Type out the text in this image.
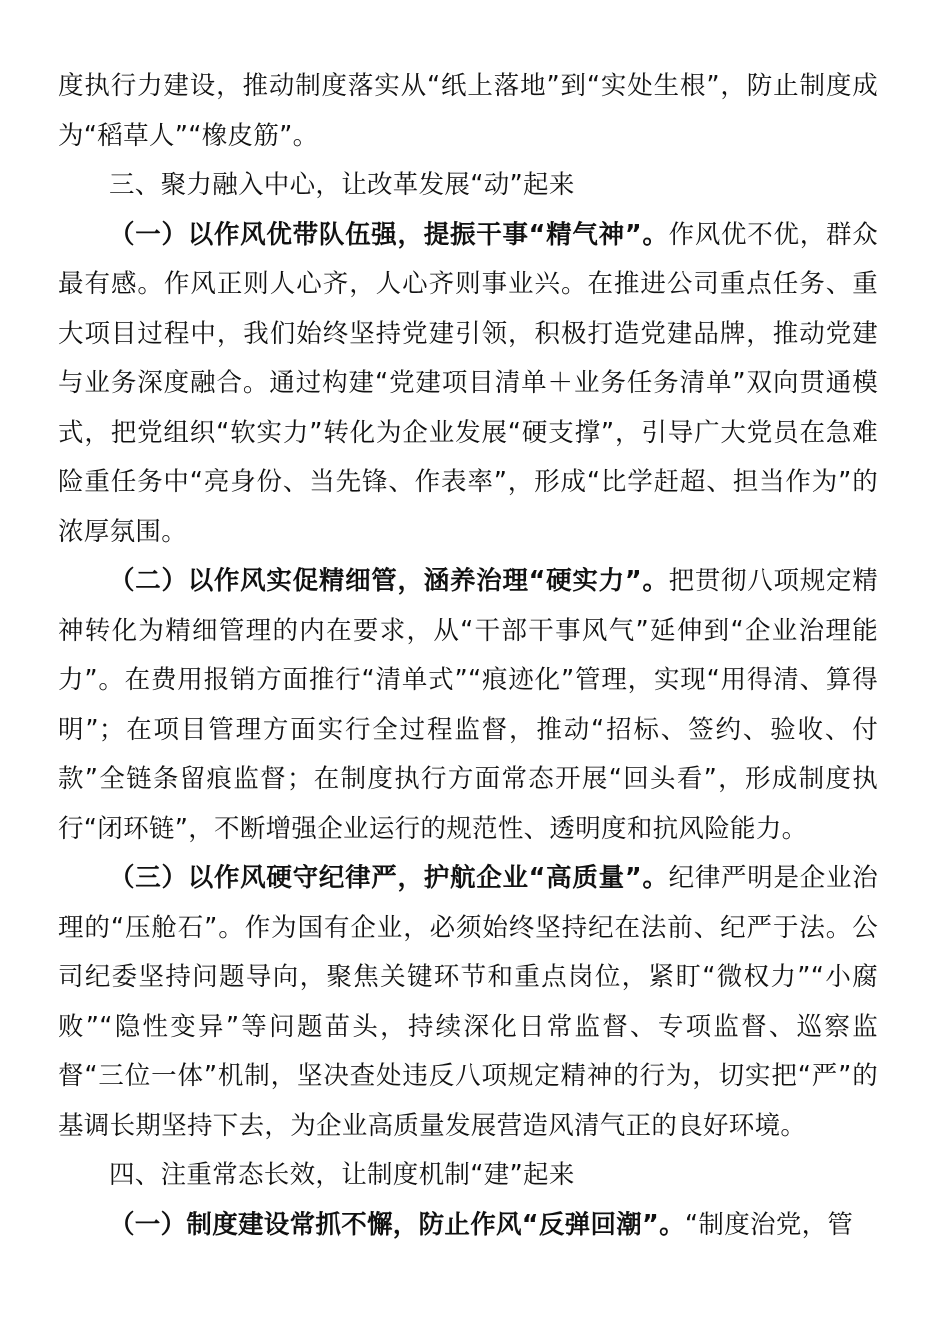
度执行力建设，推动制度落实从“纸上落地”到“实处生根”，防止制度成为“稻草人”“橡皮筋”。

三、聚力融入中心，让改革发展“动”起来

（一）以作风优带队伍强，提振干事“精气神”。作风优不优，群众最有感。作风正则人心齐，人心齐则事业兴。在推进公司重点任务、重大项目过程中，我们始终坚持党建引领，积极打造党建品牌，推动党建与业务深度融合。通过构建“党建项目清单＋业务任务清单”双向贯通模式，把党组织“软实力”转化为企业发展“硬支撑”，引导广大党员在急难险重任务中“亮身份、当先锋、作表率”，形成“比学赶超、担当作为”的浓厚氛围。

（二）以作风实促精细管，涵养治理“硬实力”。把贯彻八项规定精神转化为精细管理的内在要求，从“干部干事风气”延伸到“企业治理能力”。在费用报销方面推行“清单式”“痕迹化”管理，实现“用得清、算得明”；在项目管理方面实行全过程监督，推动“招标、签约、验收、付款”全链条留痕监督；在制度执行方面常态开展“回头看”，形成制度执行“闭环链”，不断增强企业运行的规范性、透明度和抗风险能力。

（三）以作风硬守纪律严，护航企业“高质量”。纪律严明是企业治理的“压舱石”。作为国有企业，必须始终坚持纪在法前、纪严于法。公司纪委坚持问题导向，聚焦关键环节和重点岗位，紧盯“微权力”“小腐败”“隐性变异”等问题苗头，持续深化日常监督、专项监督、巡察监督“三位一体”机制，坚决查处违反八项规定精神的行为，切实把“严”的基调长期坚持下去，为企业高质量发展营造风清气正的良好环境。

四、注重常态长效，让制度机制“建”起来

（一）制度建设常抓不懈，防止作风“反弹回潮”。“制度治党，管
